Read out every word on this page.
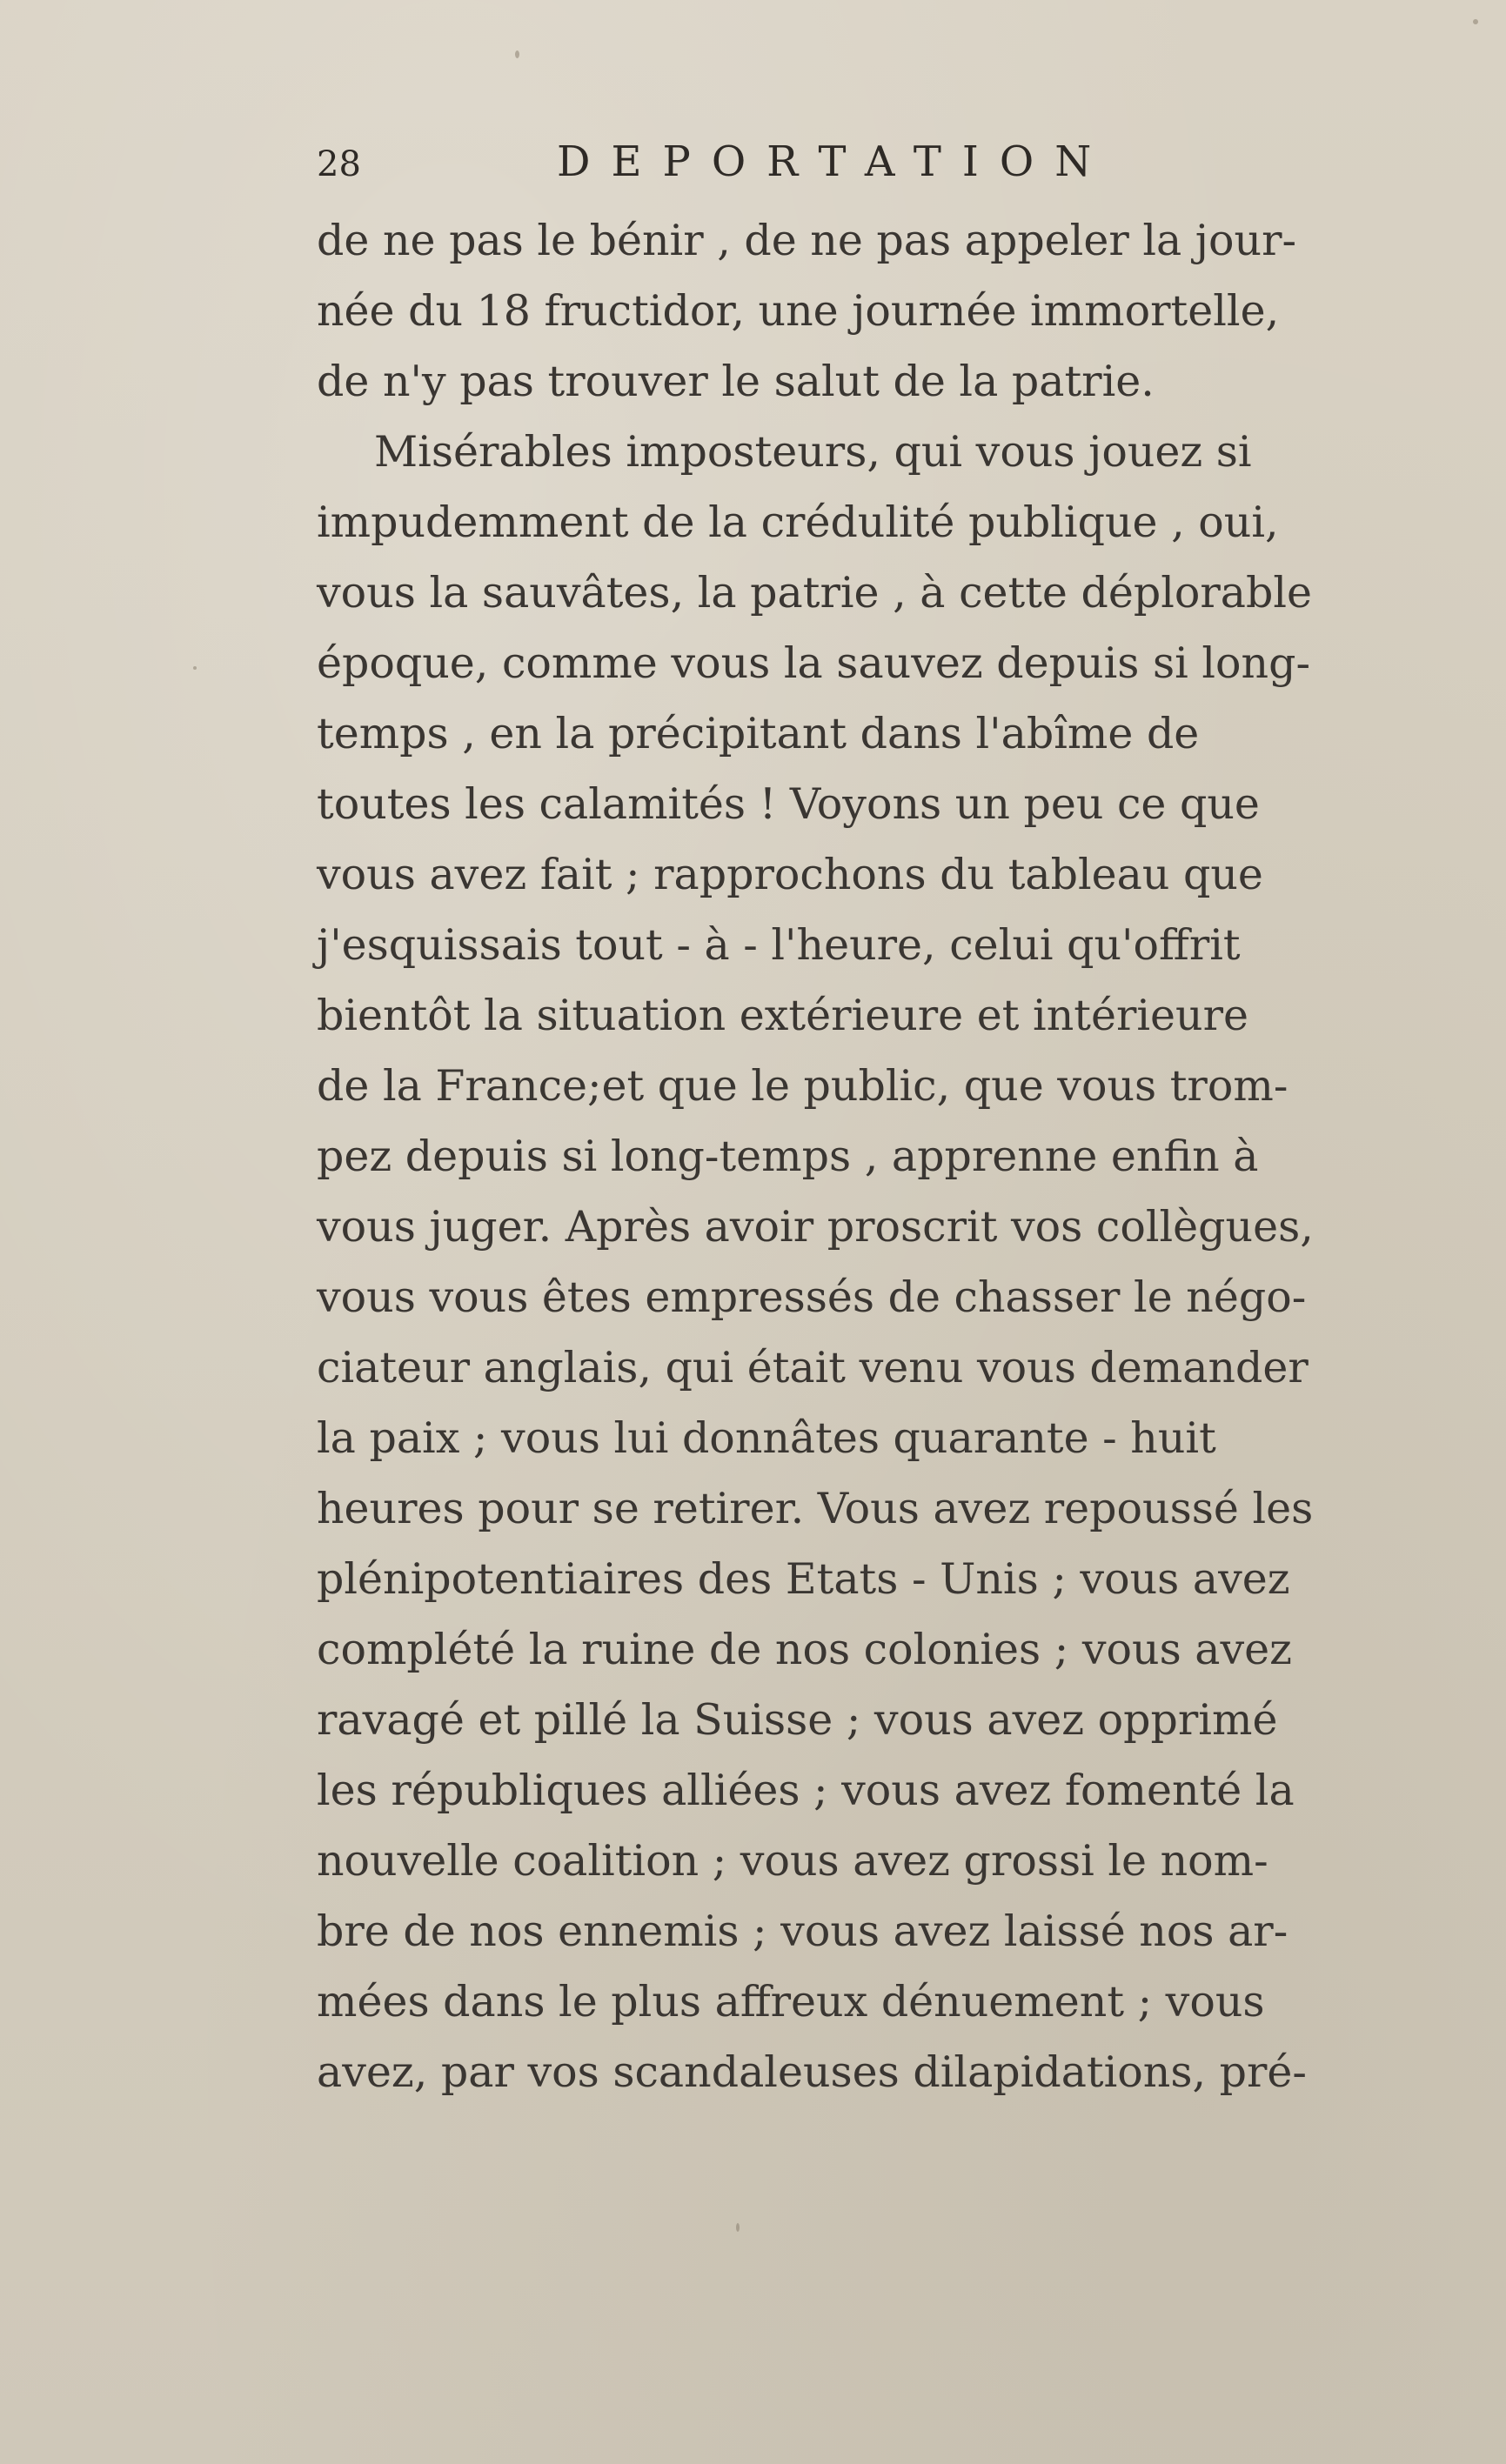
28	DEPORTATION
de ne pas le bénir , de ne pas appeler la jour-
née du 18 fructidor, une journée immortelle,
de n'y pas trouver le salut de la patrie.
Misérables imposteurs, qui vous jouez si
impudemment de la crédulité publique , oui,
vous la sauvâtes, la patrie , à cette déplorable
époque, comme vous la sauvez depuis si long-
temps , en la précipitant dans l'abîme de
toutes les calamités ! Voyons un peu ce que
vous avez fait ; rapprochons du tableau que
j'esquissais tout - à - l'heure, celui qu'offrit
bientôt la situation extérieure et intérieure
de la France;et que le public, que vous trom-
pez depuis si long-temps , apprenne enfin à
vous juger. Après avoir proscrit vos collègues,
vous vous êtes empressés de chasser le négo-
ciateur anglais, qui était venu vous demander
la paix ; vous lui donnâtes quarante - huit
heures pour se retirer. Vous avez repoussé les
plénipotentiaires des Etats - Unis ; vous avez
complété la ruine de nos colonies ; vous avez
ravagé et pillé la Suisse ; vous avez opprimé
les républiques alliées ; vous avez fomenté la
nouvelle coalition ; vous avez grossi le nom-
bre de nos ennemis ; vous avez laissé nos ar-
mées dans le plus affreux dénuement ; vous
avez, par vos scandaleuses dilapidations, pré-
